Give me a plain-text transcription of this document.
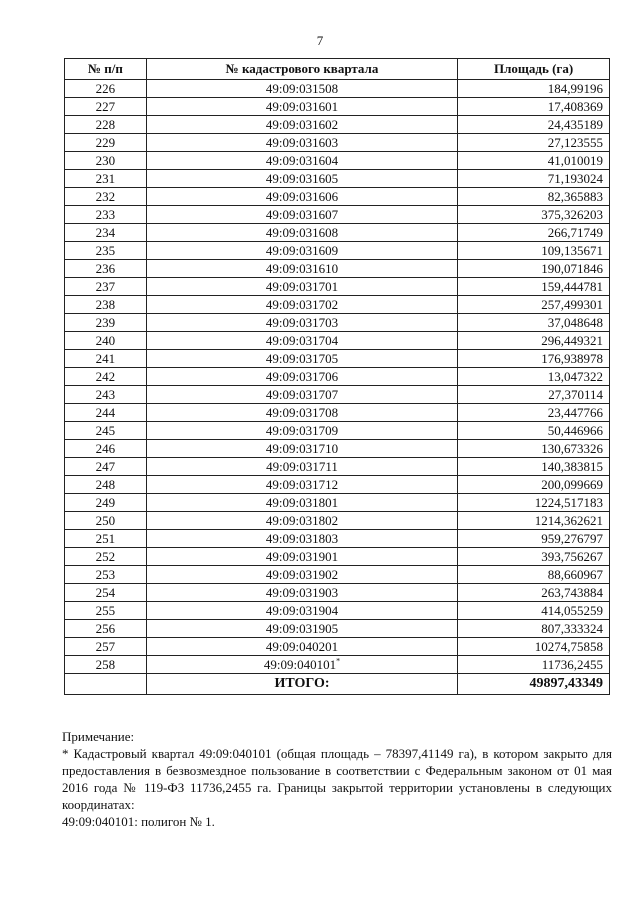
7
№ п/п	№ кадастрового квартала	Площадь (га)
226	49:09:031508	184,99196
227	49:09:031601	17,408369
228	49:09:031602	24,435189
229	49:09:031603	27,123555
230	49:09:031604	41,010019
231	49:09:031605	71,193024
232	49:09:031606	82,365883
233	49:09:031607	375,326203
234	49:09:031608	266,71749
235	49:09:031609	109,135671
236	49:09:031610	190,071846
237	49:09:031701	159,444781
238	49:09:031702	257,499301
239	49:09:031703	37,048648
240	49:09:031704	296,449321
241	49:09:031705	176,938978
242	49:09:031706	13,047322
243	49:09:031707	27,370114
244	49:09:031708	23,447766
245	49:09:031709	50,446966
246	49:09:031710	130,673326
247	49:09:031711	140,383815
248	49:09:031712	200,099669
249	49:09:031801	1224,517183
250	49:09:031802	1214,362621
251	49:09:031803	959,276797
252	49:09:031901	393,756267
253	49:09:031902	88,660967
254	49:09:031903	263,743884
255	49:09:031904	414,055259
256	49:09:031905	807,333324
257	49:09:040201	10274,75858
258	49:09:040101*	11736,2455
	ИТОГО:	49897,43349

Примечание:

* Кадастровый квартал 49:09:040101 (общая площадь – 78397,41149 га), в котором закрыто для предоставления в безвозмездное пользование в соответствии с Федеральным законом от 01 мая 2016 года № 119-ФЗ 11736,2455 га. Границы закрытой территории установлены в следующих координатах:

49:09:040101: полигон № 1.
